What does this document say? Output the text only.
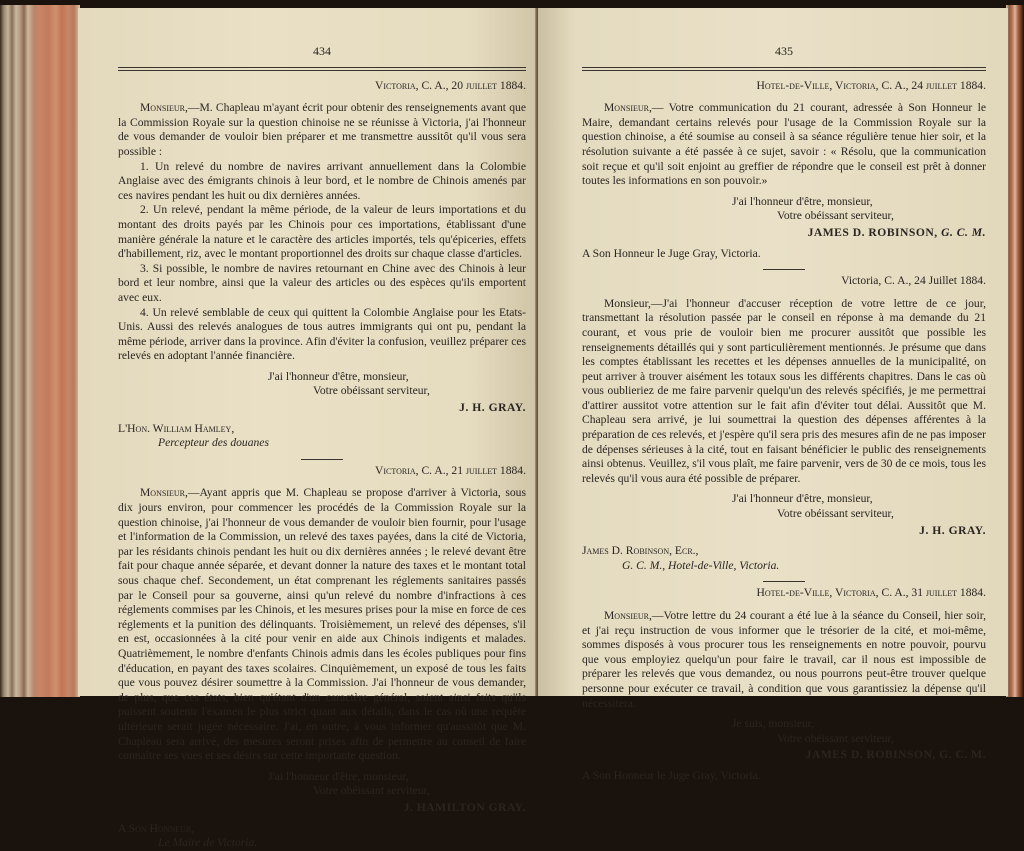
434
Victoria, C. A., 20 juillet 1884.

Monsieur,—M. Chapleau m'ayant écrit pour obtenir des renseignements avant que la Commission Royale sur la question chinoise ne se réunisse à Victoria, j'ai l'honneur de vous demander de vouloir bien préparer et me transmettre aussitôt qu'il vous sera possible :

1. Un relevé du nombre de navires arrivant annuellement dans la Colombie Anglaise avec des émigrants chinois à leur bord, et le nombre de Chinois amenés par ces navires pendant les huit ou dix dernières années.
2. Un relevé, pendant la même période, de la valeur de leurs importations et du montant des droits payés par les Chinois pour ces importations, établissant d'une manière générale la nature et le caractère des articles importés, tels qu'épiceries, effets d'habillement, riz, avec le montant proportionnel des droits sur chaque classe d'articles.
3. Si possible, le nombre de navires retournant en Chine avec des Chinois à leur bord et leur nombre, ainsi que la valeur des articles ou des espèces qu'ils emportent avec eux.
4. Un relevé semblable de ceux qui quittent la Colombie Anglaise pour les Etats-Unis. Aussi des relevés analogues de tous autres immigrants qui ont pu, pendant la même période, arriver dans la province. Afin d'éviter la confusion, veuillez préparer ces relevés en adoptant l'année financière.
J'ai l'honneur d'être, monsieur,
Votre obéissant serviteur,
J. H. GRAY.
L'Hon. William Hamley,
Percepteur des douanes
Victoria, C. A., 21 juillet 1884.

Monsieur,—Ayant appris que M. Chapleau se propose d'arriver à Victoria, sous dix jours environ, pour commencer les procédés de la Commission Royale sur la question chinoise, j'ai l'honneur de vous demander de vouloir bien fournir, pour l'usage et l'information de la Commission, un relevé des taxes payées, dans la cité de Victoria, par les résidants chinois pendant les huit ou dix dernières années ; le relevé devant être fait pour chaque année séparée, et devant donner la nature des taxes et le montant total sous chaque chef. Secondement, un état comprenant les réglements sanitaires passés par le Conseil pour sa gouverne, ainsi qu'un relevé du nombre d'infractions à ces réglements commises par les Chinois, et les mesures prises pour la mise en force de ces réglements et la punition des délinquants. Troisièmement, un relevé des dépenses, s'il en est, occasionnées à la cité pour venir en aide aux Chinois indigents et malades. Quatrièmement, le nombre d'enfants Chinois admis dans les écoles publiques pour fins d'éducation, en payant des taxes scolaires. Cinquièmement, un exposé de tous les faits que vous pouvez désirer soumettre à la Commission. J'ai l'honneur de vous demander, de plus, que ces états, bien qu'étant d'un caractère général, soient ainsi faits qu'ils puissent soutenir l'examen le plus strict quant aux détails, dans le cas où une requête ultérieure serait jugée nécessaire. J'ai, en outre, à vous informer qu'aussitôt que M. Chapleau sera arrivé, des mesures seront prises afin de permettre au conseil de faire connaître ses vues et ses désirs sur cette importante question.

J'ai l'honneur d'être, monsieur,
Votre obéissant serviteur,
J. HAMILTON GRAY.
A Son Honneur,
Le Maire de Victoria.
435
Hotel-de-Ville, Victoria, C. A., 24 juillet 1884.

Monsieur,— Votre communication du 21 courant, adressée à Son Honneur le Maire, demandant certains relevés pour l'usage de la Commission Royale sur la question chinoise, a été soumise au conseil à sa séance régulière tenue hier soir, et la résolution suivante a été passée à ce sujet, savoir : « Résolu, que la communication soit reçue et qu'il soit enjoint au greffier de répondre que le conseil est prêt à donner toutes les informations en son pouvoir.»

J'ai l'honneur d'être, monsieur,
Votre obéissant serviteur,
JAMES D. ROBINSON, G. C. M.
A Son Honneur le Juge Gray, Victoria.
Victoria, C. A., 24 Juillet 1884.

Monsieur,—J'ai l'honneur d'accuser réception de votre lettre de ce jour, transmettant la résolution passée par le conseil en réponse à ma demande du 21 courant, et vous prie de vouloir bien me procurer aussitôt que possible les renseignements détaillés qui y sont particulièrement mentionnés. Je présume que dans les comptes établissant les recettes et les dépenses annuelles de la municipalité, on peut arriver à trouver aisément les totaux sous les différents chapitres. Dans le cas où vous oublieriez de me faire parvenir quelqu'un des relevés spécifiés, je me permettrai d'attirer aussitot votre attention sur le fait afin d'éviter tout délai. Aussitôt que M. Chapleau sera arrivé, je lui soumettrai la question des dépenses afférentes à la préparation de ces relevés, et j'espère qu'il sera pris des mesures afin de ne pas imposer de dépenses sérieuses à la cité, tout en faisant bénéficier le public des renseignements ainsi obtenus. Veuillez, s'il vous plaît, me faire parvenir, vers de 30 de ce mois, tous les relevés qu'il vous aura été possible de préparer.

J'ai l'honneur d'être, monsieur,
Votre obéissant serviteur,
J. H. GRAY.
James D. Robinson, Ecr.,
G. C. M., Hotel-de-Ville, Victoria.
Hotel-de-Ville, Victoria, C. A., 31 juillet 1884.

Monsieur,—Votre lettre du 24 courant a été lue à la séance du Conseil, hier soir, et j'ai reçu instruction de vous informer que le trésorier de la cité, et moi-même, sommes disposés à vous procurer tous les renseignements en notre pouvoir, pourvu que vous employiez quelqu'un pour faire le travail, car il nous est impossible de préparer les relevés que vous demandez, ou nous pourrons peut-être trouver quelque personne pour exécuter ce travail, à condition que vous garantissiez la dépense qu'il nécessitera.

Je suis, monsieur,
Votre obéissant serviteur,
JAMES D. ROBINSON, G. C. M.
A Son Honneur le Juge Gray, Victoria.
